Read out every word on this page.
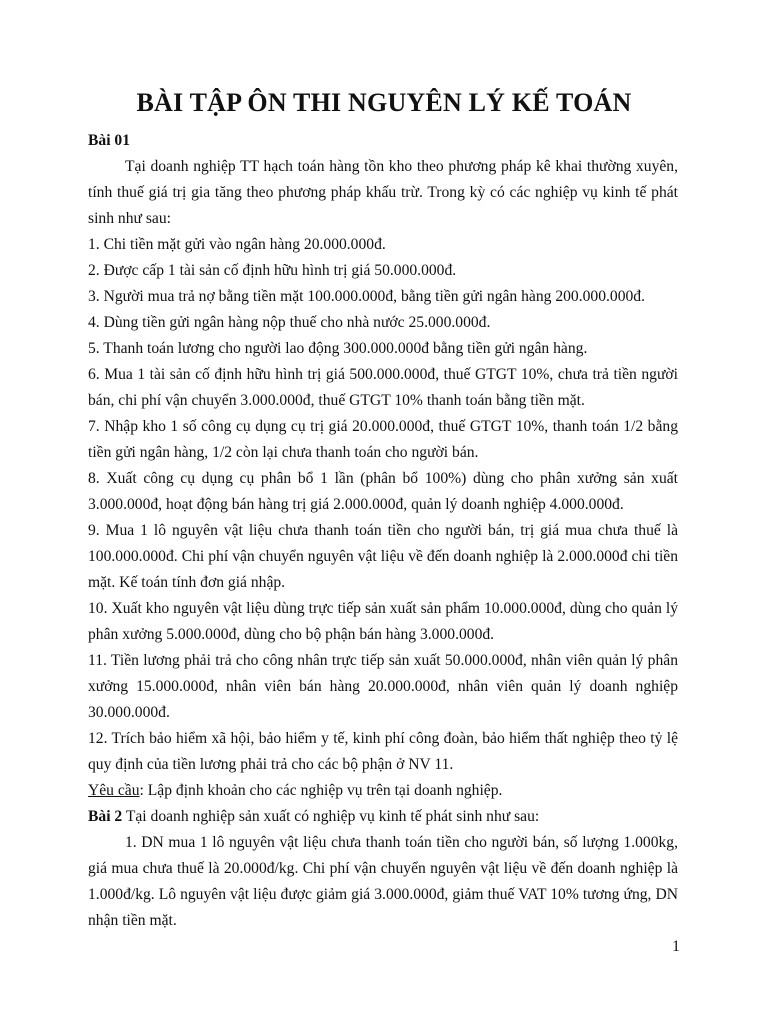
BÀI TẬP ÔN THI NGUYÊN LÝ KẾ TOÁN

Bài 01

Tại doanh nghiệp TT hạch toán hàng tồn kho theo phương pháp kê khai thường xuyên, tính thuế giá trị gia tăng theo phương pháp khấu trừ. Trong kỳ có các nghiệp vụ kinh tế phát sinh như sau:

1. Chi tiền mặt gửi vào ngân hàng 20.000.000đ.

2. Được cấp 1 tài sản cố định hữu hình trị giá 50.000.000đ.

3. Người mua trả nợ bằng tiền mặt 100.000.000đ, bằng tiền gửi ngân hàng 200.000.000đ.

4. Dùng tiền gửi ngân hàng nộp thuế cho nhà nước 25.000.000đ.

5. Thanh toán lương cho người lao động 300.000.000đ bằng tiền gửi ngân hàng.

6. Mua 1 tài sản cố định hữu hình trị giá 500.000.000đ, thuế GTGT 10%, chưa trả tiền người bán, chi phí vận chuyển 3.000.000đ, thuế GTGT 10% thanh toán bằng tiền mặt.

7. Nhập kho 1 số công cụ dụng cụ trị giá 20.000.000đ, thuế GTGT 10%, thanh toán 1/2 bằng tiền gửi ngân hàng, 1/2 còn lại chưa thanh toán cho người bán.

8. Xuất công cụ dụng cụ phân bổ 1 lần (phân bổ 100%) dùng cho phân xưởng sản xuất 3.000.000đ, hoạt động bán hàng trị giá 2.000.000đ, quản lý doanh nghiệp 4.000.000đ.

9. Mua 1 lô nguyên vật liệu chưa thanh toán tiền cho người bán, trị giá mua chưa thuế là 100.000.000đ. Chi phí vận chuyển nguyên vật liệu về đến doanh nghiệp là 2.000.000đ chi tiền mặt. Kế toán tính đơn giá nhập.

10. Xuất kho nguyên vật liệu dùng trực tiếp sản xuất sản phẩm 10.000.000đ, dùng cho quản lý phân xưởng 5.000.000đ, dùng cho bộ phận bán hàng 3.000.000đ.

11. Tiền lương phải trả cho công nhân trực tiếp sản xuất 50.000.000đ, nhân viên quản lý phân xưởng 15.000.000đ, nhân viên bán hàng 20.000.000đ, nhân viên quản lý doanh nghiệp 30.000.000đ.

12. Trích bảo hiểm xã hội, bảo hiểm y tế, kinh phí công đoàn, bảo hiểm thất nghiệp theo tỷ lệ quy định của tiền lương phải trả cho các bộ phận ở NV 11.

Yêu cầu: Lập định khoản cho các nghiệp vụ trên tại doanh nghiệp.

Bài 2 Tại doanh nghiệp sản xuất có nghiệp vụ kinh tế phát sinh như sau:

1. DN mua 1 lô nguyên vật liệu chưa thanh toán tiền cho người bán, số lượng 1.000kg, giá mua chưa thuế là 20.000đ/kg. Chi phí vận chuyển nguyên vật liệu về đến doanh nghiệp là 1.000đ/kg. Lô nguyên vật liệu được giảm giá 3.000.000đ, giảm thuế VAT 10% tương ứng, DN nhận tiền mặt.

1
